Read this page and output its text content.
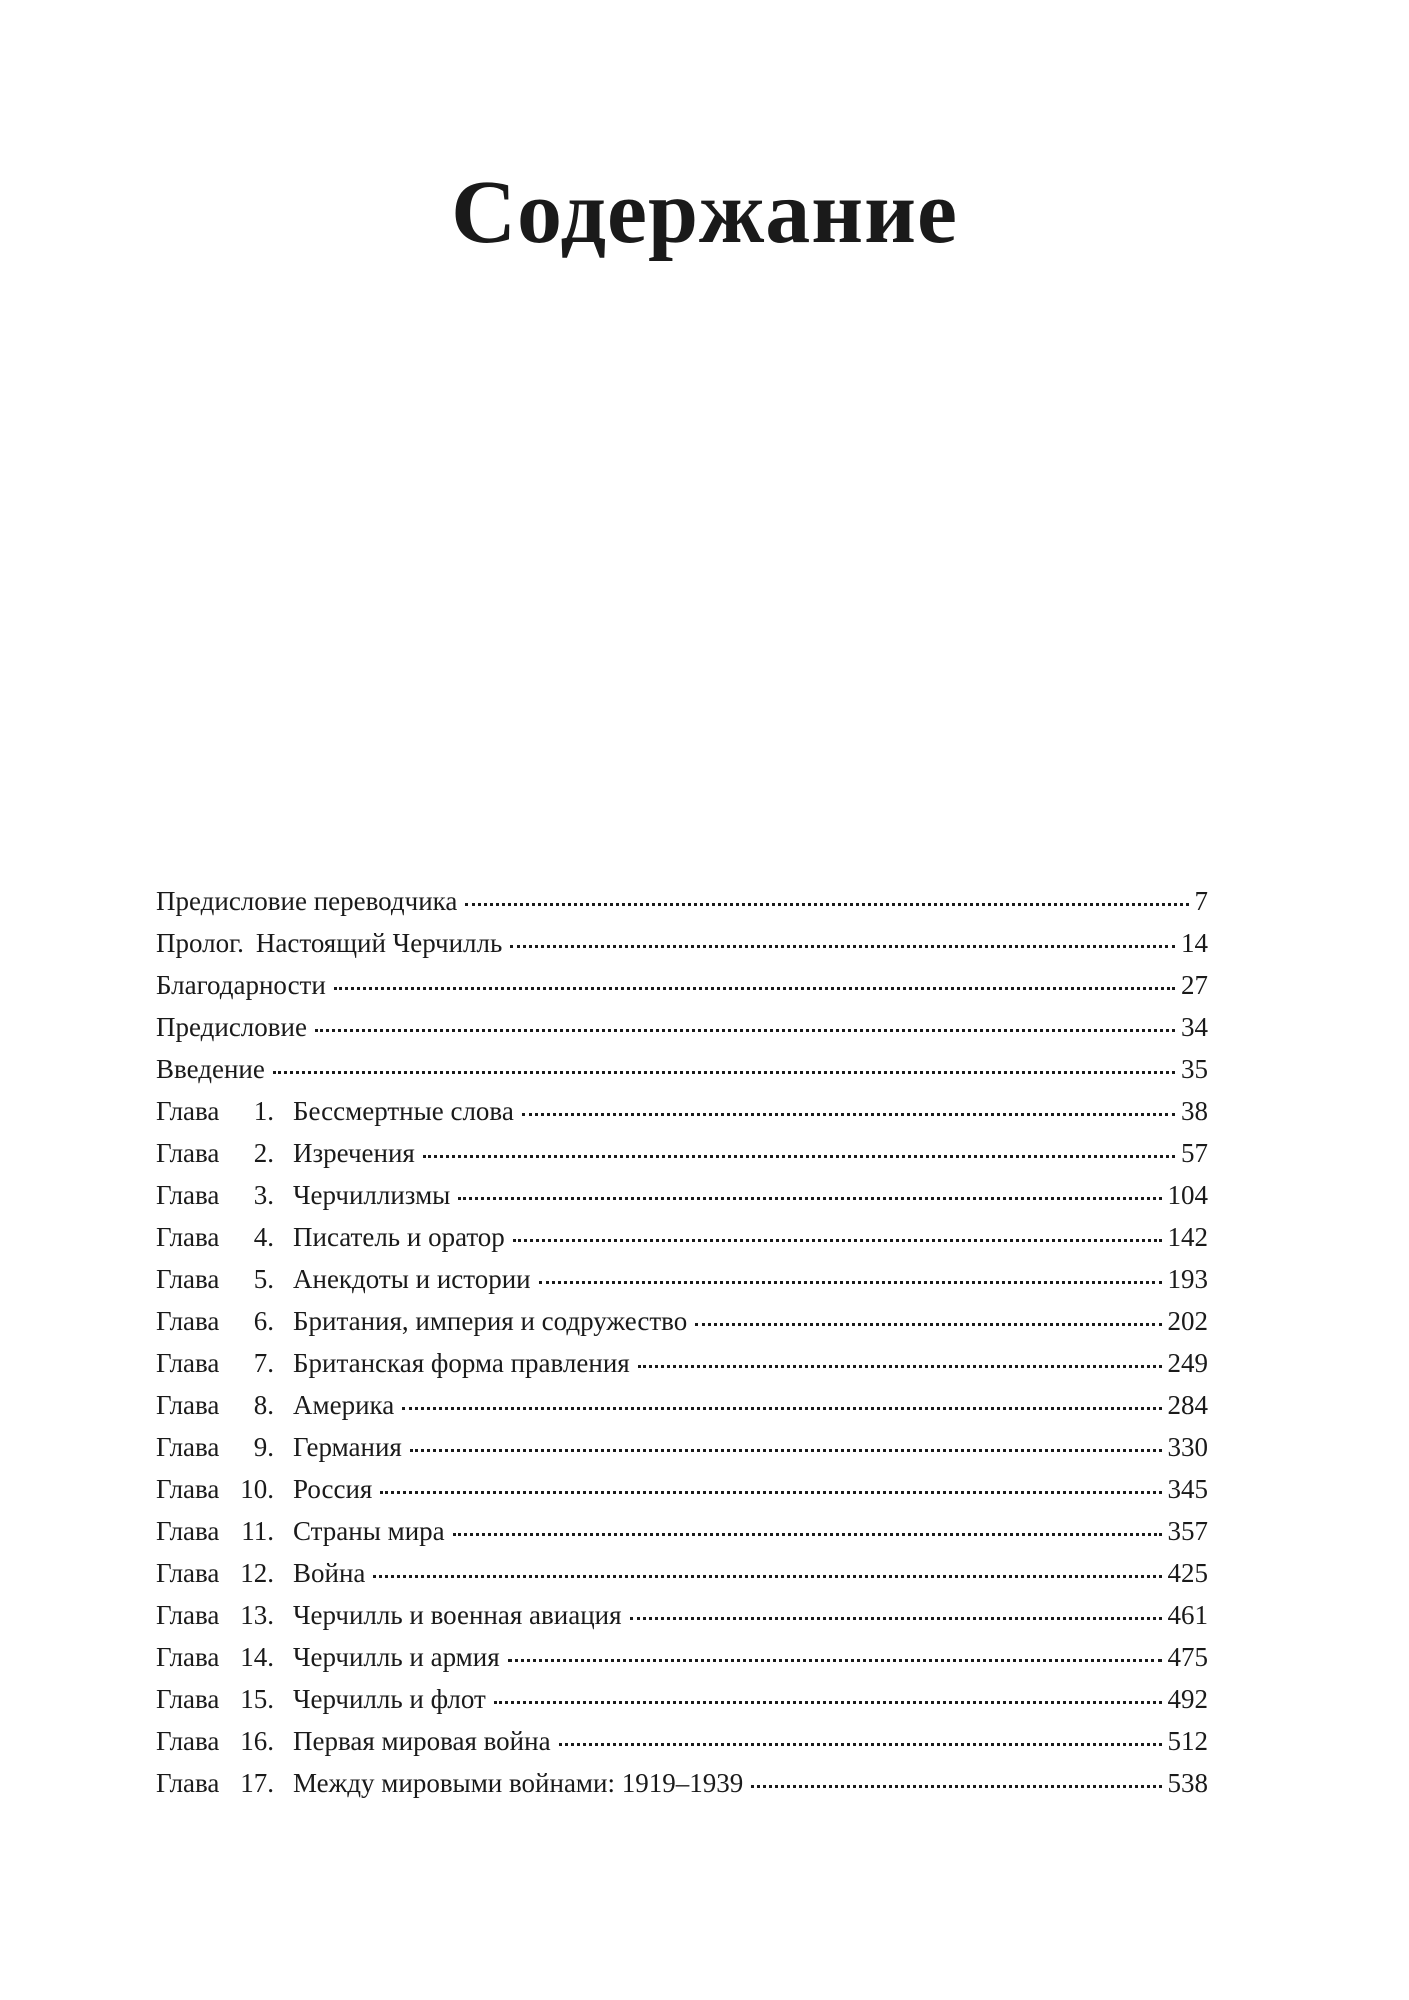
Содержание
Предисловие переводчика	7
Пролог. Настоящий Черчилль	14
Благодарности	27
Предисловие	34
Введение	35
Глава 1. Бессмертные слова	38
Глава 2. Изречения	57
Глава 3. Черчиллизмы	104
Глава 4. Писатель и оратор	142
Глава 5. Анекдоты и истории	193
Глава 6. Британия, империя и содружество	202
Глава 7. Британская форма правления	249
Глава 8. Америка	284
Глава 9. Германия	330
Глава 10. Россия	345
Глава 11. Страны мира	357
Глава 12. Война	425
Глава 13. Черчилль и военная авиация	461
Глава 14. Черчилль и армия	475
Глава 15. Черчилль и флот	492
Глава 16. Первая мировая война	512
Глава 17. Между мировыми войнами: 1919–1939	538
